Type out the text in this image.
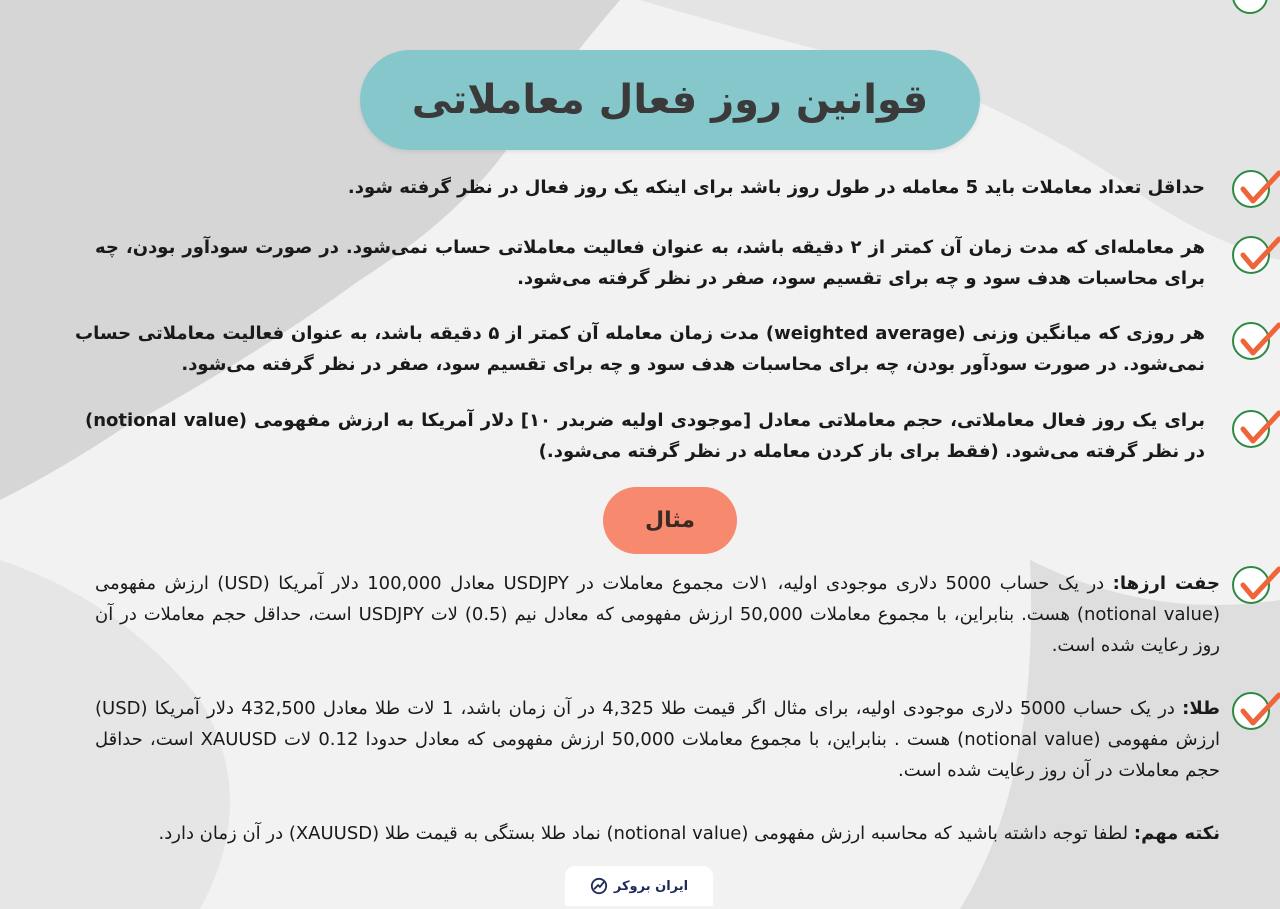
قوانین روز فعال معاملاتی
حداقل تعداد معاملات باید 5 معامله در طول روز باشد برای اینکه یک روز فعال در نظر گرفته شود.
هر معامله‌ای که مدت زمان آن کمتر از ۲ دقیقه باشد، به عنوان فعالیت معاملاتی حساب نمی‌شود. در صورت سودآور بودن، چه برای محاسبات هدف سود و چه برای تقسیم سود، صفر در نظر گرفته می‌شود.
هر روزی که میانگین وزنی (weighted average) مدت زمان معامله آن کمتر از ۵ دقیقه باشد، به عنوان فعالیت معاملاتی حساب نمی‌شود. در صورت سودآور بودن، چه برای محاسبات هدف سود و چه برای تقسیم سود، صفر در نظر گرفته می‌شود.
برای یک روز فعال معاملاتی، حجم معاملاتی معادل [موجودی اولیه ضربدر ۱۰] دلار آمریکا به ارزش مفهومی (notional value) در نظر گرفته می‌شود. (فقط برای باز کردن معامله در نظر گرفته می‌شود.)
مثال
جفت ارزها: در یک حساب 5000 دلاری موجودی اولیه، ۱لات مجموع معاملات در USDJPY معادل 100,000 دلار آمریکا (USD) ارزش مفهومی (notional value) هست. بنابراین، با مجموع معاملات 50,000 ارزش مفهومی که معادل نیم (0.5) لات USDJPY است، حداقل حجم معاملات در آن روز رعایت شده است.
طلا: در یک حساب 5000 دلاری موجودی اولیه، برای مثال اگر قیمت طلا 4,325 در آن زمان باشد، 1 لات طلا معادل 432,500 دلار آمریکا (USD) ارزش مفهومی (notional value) هست . بنابراین، با مجموع معاملات 50,000 ارزش مفهومی که معادل حدودا 0.12 لات XAUUSD است، حداقل حجم معاملات در آن روز رعایت شده است.
نکته مهم: لطفا توجه داشته باشید که محاسبه ارزش مفهومی (notional value) نماد طلا بستگی به قیمت طلا (XAUUSD) در آن زمان دارد.
ایران بروکر
